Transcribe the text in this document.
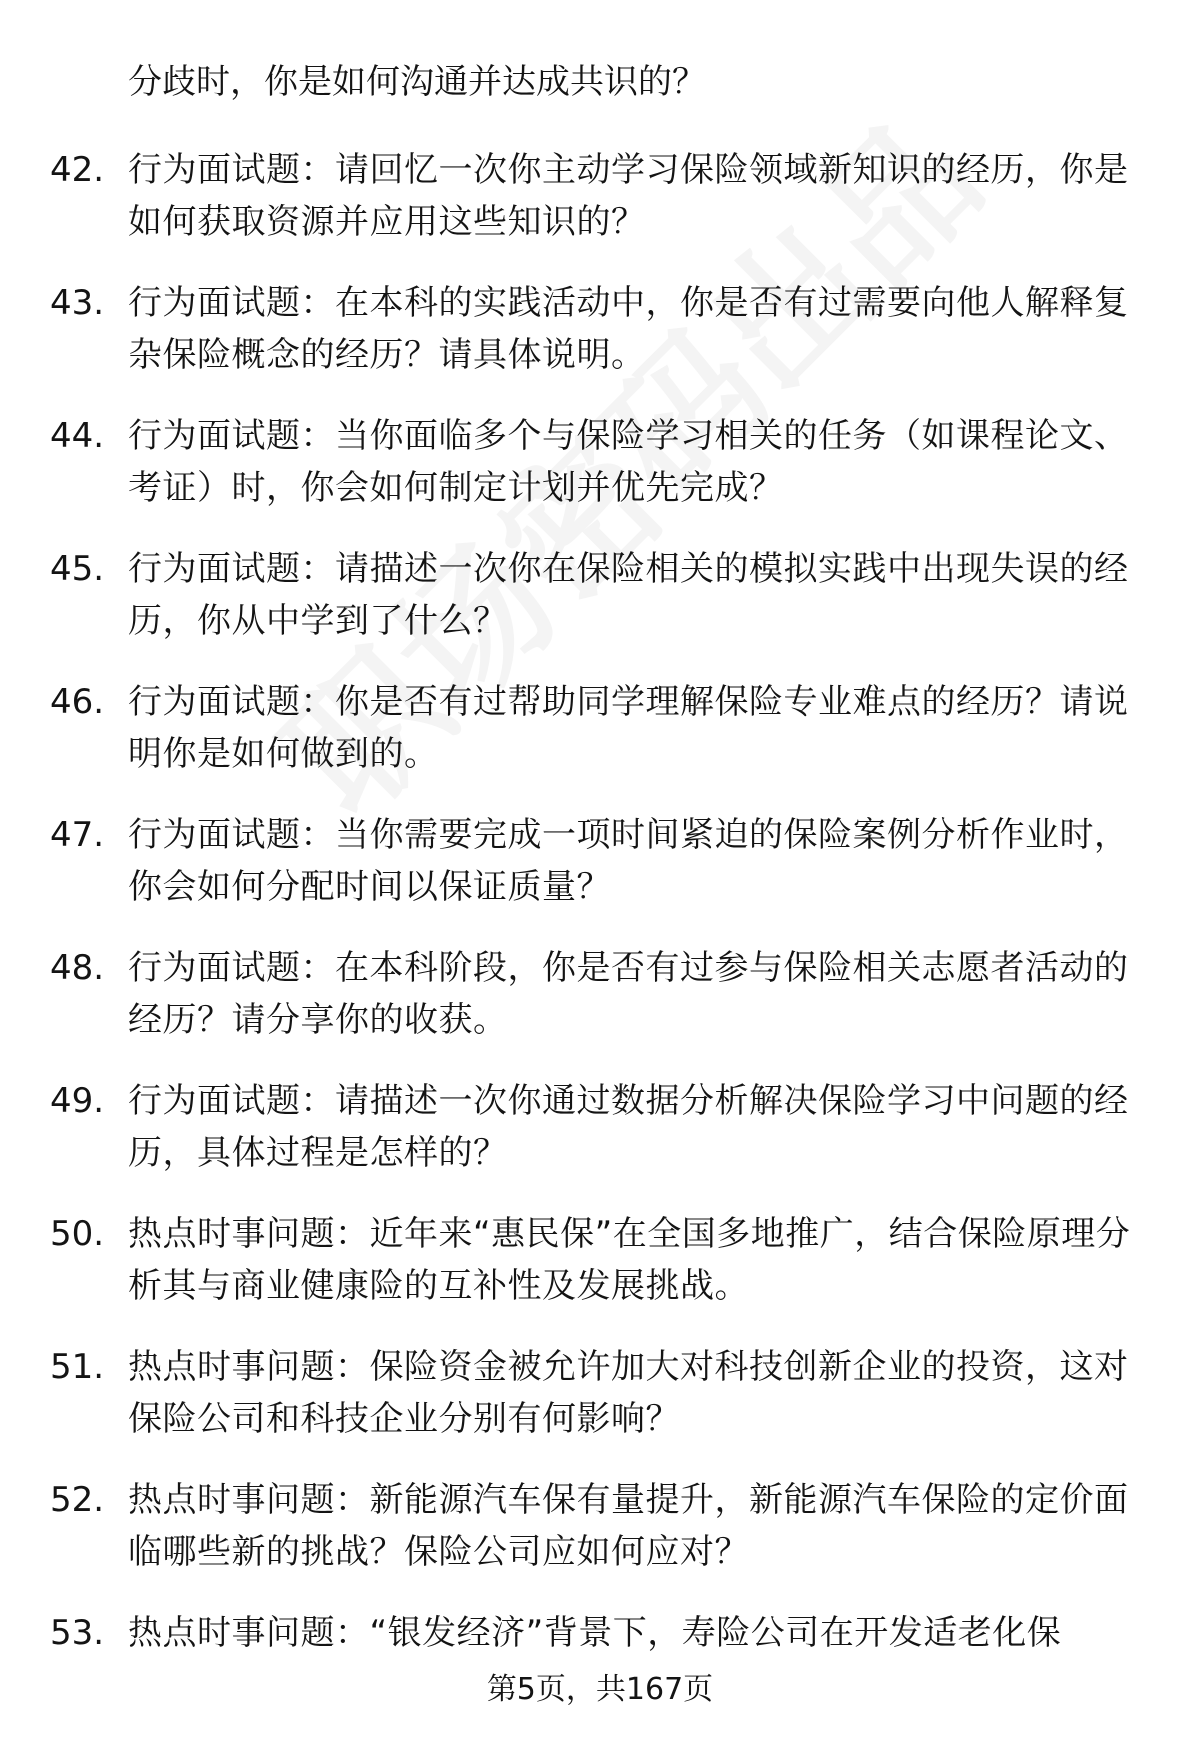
分歧时，你是如何沟通并达成共识的？

42. 行为面试题：请回忆一次你主动学习保险领域新知识的经历，你是如何获取资源并应用这些知识的？

43. 行为面试题：在本科的实践活动中，你是否有过需要向他人解释复杂保险概念的经历？请具体说明。

44. 行为面试题：当你面临多个与保险学习相关的任务（如课程论文、考证）时，你会如何制定计划并优先完成？

45. 行为面试题：请描述一次你在保险相关的模拟实践中出现失误的经历，你从中学到了什么？

46. 行为面试题：你是否有过帮助同学理解保险专业难点的经历？请说明你是如何做到的。

47. 行为面试题：当你需要完成一项时间紧迫的保险案例分析作业时，你会如何分配时间以保证质量？

48. 行为面试题：在本科阶段，你是否有过参与保险相关志愿者活动的经历？请分享你的收获。

49. 行为面试题：请描述一次你通过数据分析解决保险学习中问题的经历，具体过程是怎样的？

50. 热点时事问题：近年来“惠民保”在全国多地推广，结合保险原理分析其与商业健康险的互补性及发展挑战。

51. 热点时事问题：保险资金被允许加大对科技创新企业的投资，这对保险公司和科技企业分别有何影响？

52. 热点时事问题：新能源汽车保有量提升，新能源汽车保险的定价面临哪些新的挑战？保险公司应如何应对？

53. 热点时事问题：“银发经济”背景下，寿险公司在开发适老化保

第5页，共167页
